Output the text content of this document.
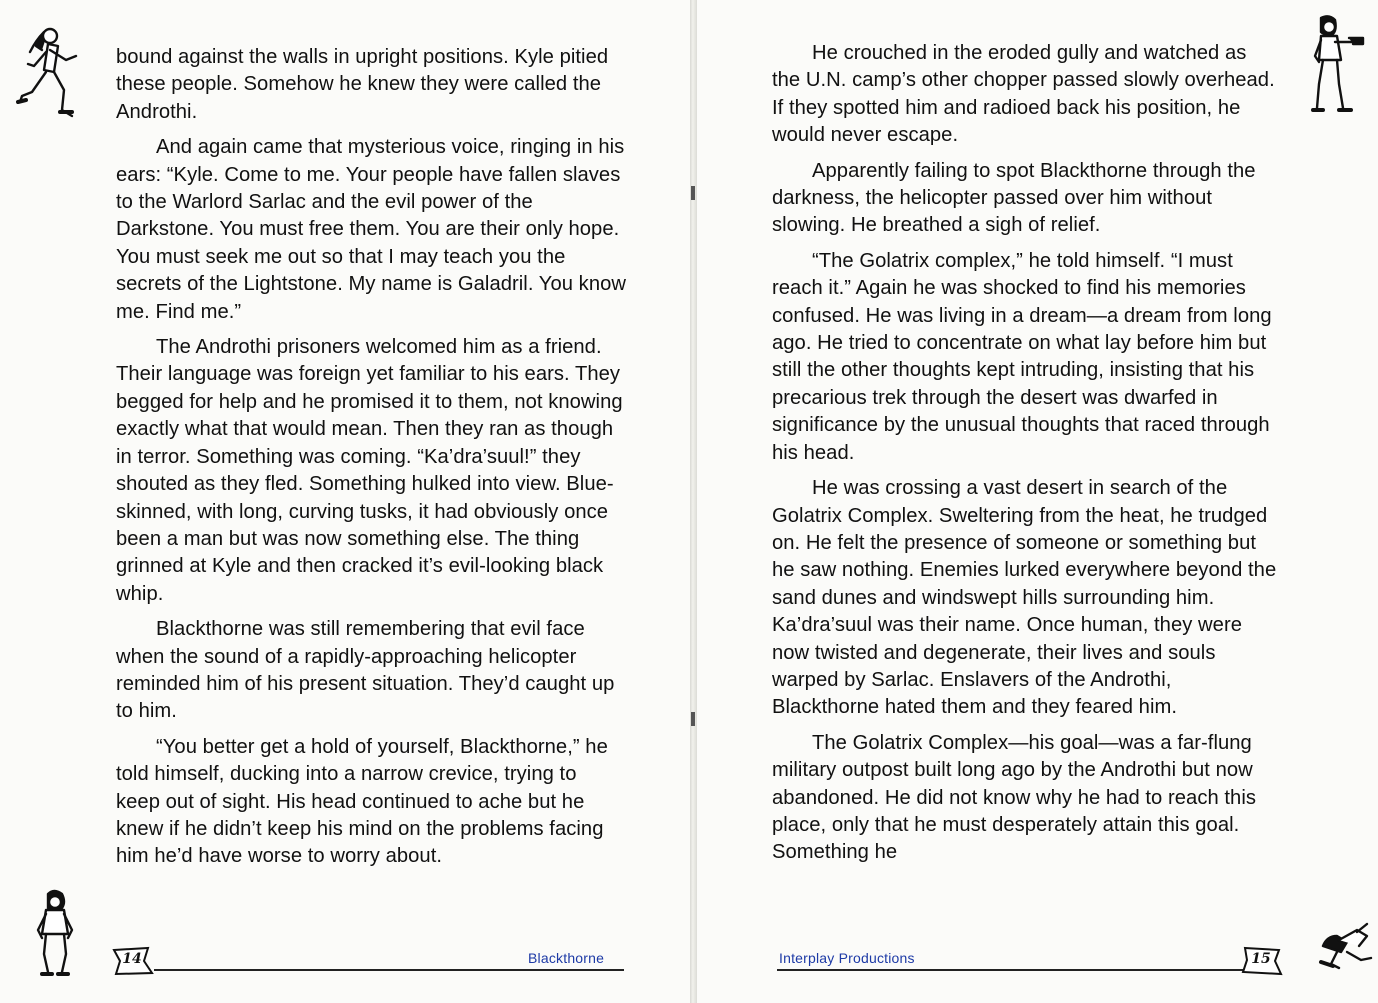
bound against the walls in upright positions. Kyle pitied these people. Somehow he knew they were called the Androthi.

And again came that mysterious voice, ringing in his ears: “Kyle. Come to me. Your people have fallen slaves to the Warlord Sarlac and the evil power of the Darkstone. You must free them. You are their only hope. You must seek me out so that I may teach you the secrets of the Lightstone. My name is Galadril. You know me. Find me.”

The Androthi prisoners welcomed him as a friend. Their language was foreign yet familiar to his ears. They begged for help and he promised it to them, not knowing exactly what that would mean. Then they ran as though in terror. Something was coming. “Ka’dra’suul!” they shouted as they fled. Something hulked into view. Blue-skinned, with long, curving tusks, it had obviously once been a man but was now something else. The thing grinned at Kyle and then cracked it’s evil-looking black whip.

Blackthorne was still remembering that evil face when the sound of a rapidly-approaching helicopter reminded him of his present situation. They’d caught up to him.

“You better get a hold of yourself, Blackthorne,” he told himself, ducking into a narrow crevice, trying to keep out of sight. His head continued to ache but he knew if he didn’t keep his mind on the problems facing him he’d have worse to worry about.

14	Blackthorne

He crouched in the eroded gully and watched as the U.N. camp’s other chopper passed slowly overhead. If they spotted him and radioed back his position, he would never escape.

Apparently failing to spot Blackthorne through the darkness, the helicopter passed over him without slowing. He breathed a sigh of relief.

“The Golatrix complex,” he told himself. “I must reach it.” Again he was shocked to find his memories confused. He was living in a dream—a dream from long ago. He tried to concentrate on what lay before him but still the other thoughts kept intruding, insisting that his precarious trek through the desert was dwarfed in significance by the unusual thoughts that raced through his head.

He was crossing a vast desert in search of the Golatrix Complex. Sweltering from the heat, he trudged on. He felt the presence of someone or something but he saw nothing. Enemies lurked everywhere beyond the sand dunes and windswept hills surrounding him. Ka’dra’suul was their name. Once human, they were now twisted and degenerate, their lives and souls warped by Sarlac. Enslavers of the Androthi, Blackthorne hated them and they feared him.

The Golatrix Complex—his goal—was a far-flung military outpost built long ago by the Androthi but now abandoned. He did not know why he had to reach this place, only that he must desperately attain this goal. Something he

Interplay Productions	15
